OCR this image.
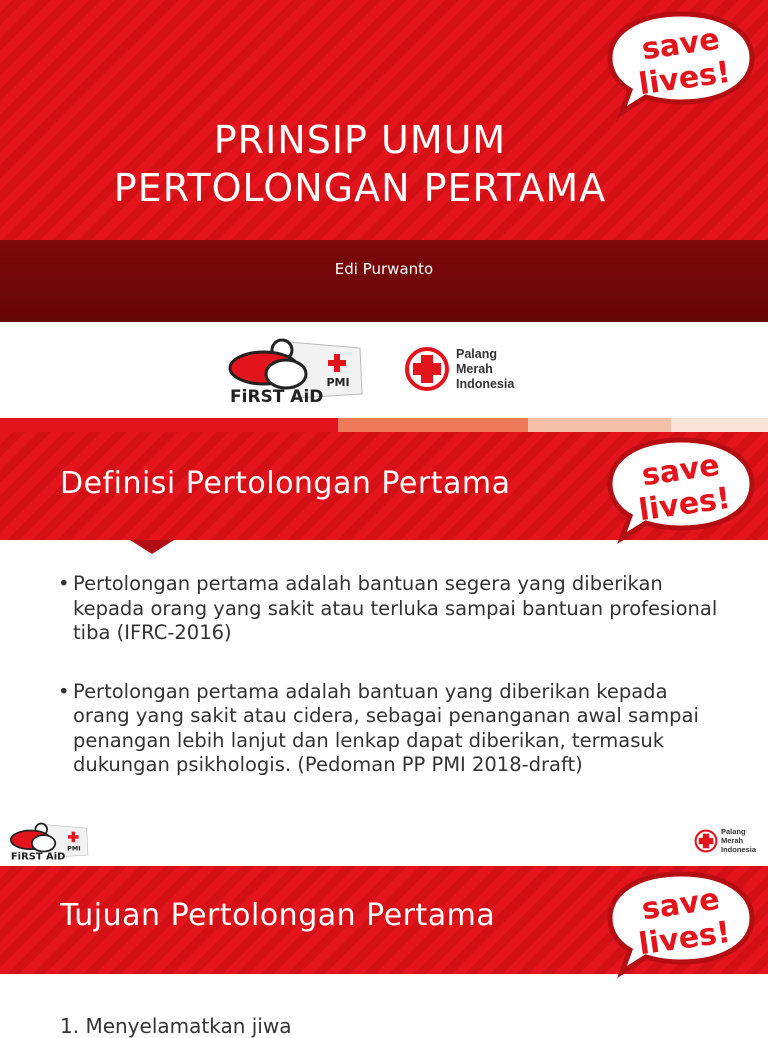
save
lives!
PRINSIP UMUM
PERTOLONGAN PERTAMA
Edi Purwanto
PMI
FiRST AiD
Palang
Merah
Indonesia
Definisi Pertolongan Pertama	save
lives!
• Pertolongan pertama adalah bantuan segera yang diberikan kepada orang yang sakit atau terluka sampai bantuan profesional tiba (IFRC-2016)
• Pertolongan pertama adalah bantuan yang diberikan kepada orang yang sakit atau cidera, sebagai penanganan awal sampai penangan lebih lanjut dan lenkap dapat diberikan, termasuk dukungan psikhologis. (Pedoman PP PMI 2018-draft)
PMI
FiRST AiD
Palang
Merah
Indonesia
Tujuan Pertolongan Pertama	save
lives!
1. Menyelamatkan jiwa
